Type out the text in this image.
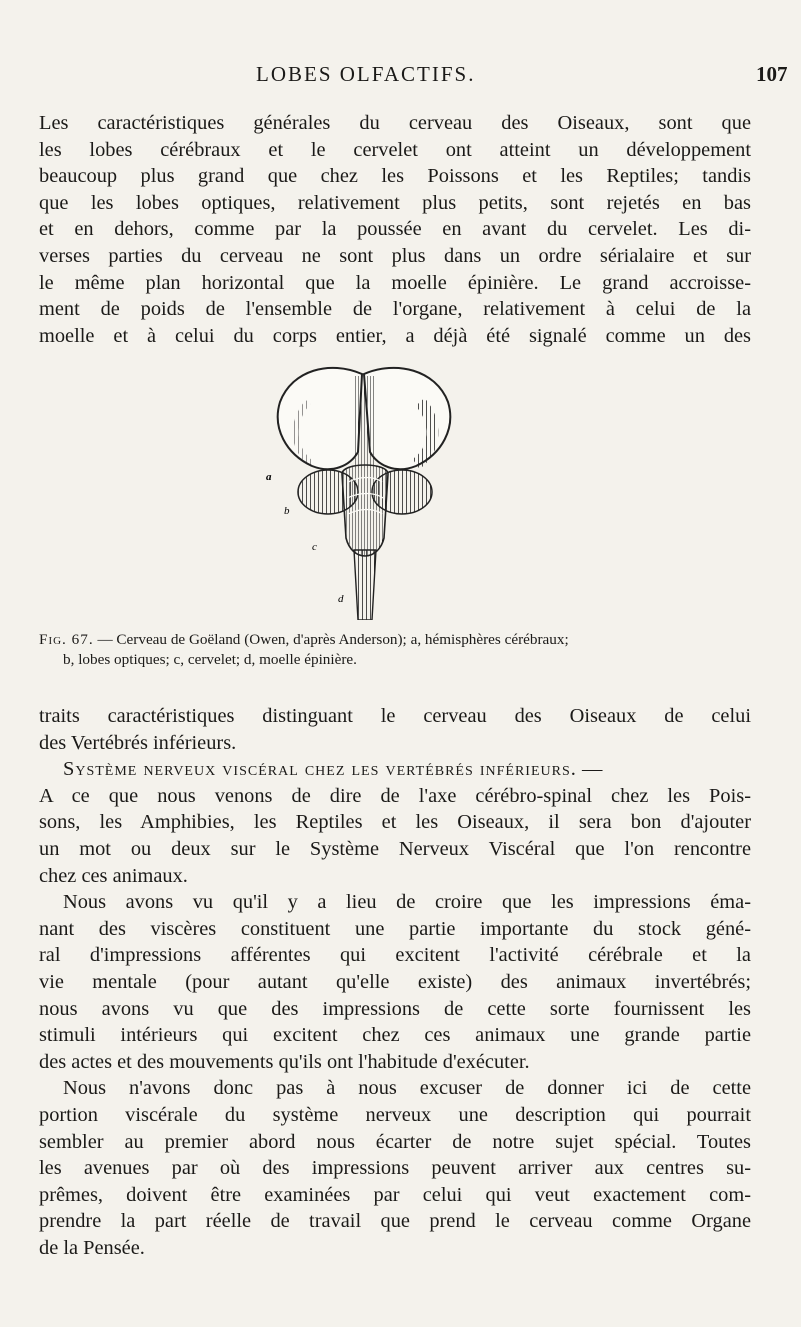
LOBES OLFACTIFS.	107

Les caractéristiques générales du cerveau des Oiseaux, sont que
les lobes cérébraux et le cervelet ont atteint un développement
beaucoup plus grand que chez les Poissons et les Reptiles; tandis
que les lobes optiques, relativement plus petits, sont rejetés en bas
et en dehors, comme par la poussée en avant du cervelet. Les di-
verses parties du cerveau ne sont plus dans un ordre sérialaire et sur
le même plan horizontal que la moelle épinière. Le grand accroisse-
ment de poids de l'ensemble de l'organe, relativement à celui de la
moelle et à celui du corps entier, a déjà été signalé comme un des

a
b
c
d

Fig. 67. — Cerveau de Goëland (Owen, d'après Anderson); a, hémisphères cérébraux;
b, lobes optiques; c, cervelet; d, moelle épinière.

traits caractéristiques distinguant le cerveau des Oiseaux de celui
des Vertébrés inférieurs.
Système nerveux viscéral chez les vertébrés inférieurs. —
A ce que nous venons de dire de l'axe cérébro-spinal chez les Pois-
sons, les Amphibies, les Reptiles et les Oiseaux, il sera bon d'ajouter
un mot ou deux sur le Système Nerveux Viscéral que l'on rencontre
chez ces animaux.
Nous avons vu qu'il y a lieu de croire que les impressions éma-
nant des viscères constituent une partie importante du stock géné-
ral d'impressions afférentes qui excitent l'activité cérébrale et la
vie mentale (pour autant qu'elle existe) des animaux invertébrés;
nous avons vu que des impressions de cette sorte fournissent les
stimuli intérieurs qui excitent chez ces animaux une grande partie
des actes et des mouvements qu'ils ont l'habitude d'exécuter.
Nous n'avons donc pas à nous excuser de donner ici de cette
portion viscérale du système nerveux une description qui pourrait
sembler au premier abord nous écarter de notre sujet spécial. Toutes
les avenues par où des impressions peuvent arriver aux centres su-
prêmes, doivent être examinées par celui qui veut exactement com-
prendre la part réelle de travail que prend le cerveau comme Organe
de la Pensée.
